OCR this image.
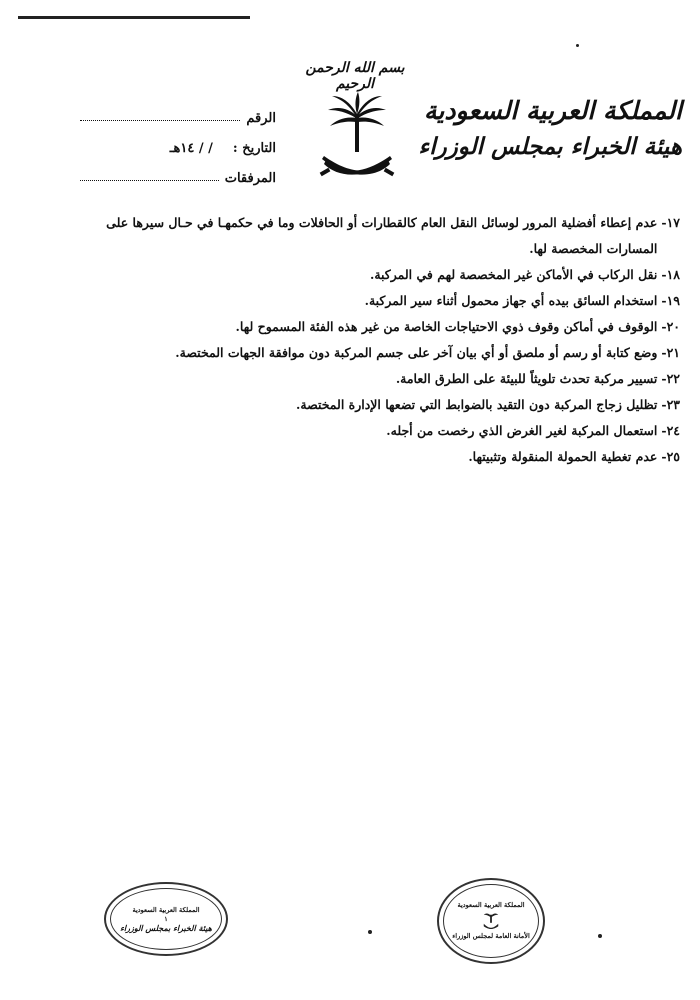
بسم الله الرحمن الرحيم
المملكة العربية السعودية
هيئة الخبراء بمجلس الوزراء
الرقم
التاريخ :
/ / ١٤هـ
المرفقات
١٧-
عدم إعطاء أفضلية المرور لوسائل النقل العام كالقطارات أو الحافلات وما في حكمهـا في حـال سيرها على المسارات المخصصة لها.
١٨-
نقل الركاب في الأماكن غير المخصصة لهم في المركبة.
١٩-
استخدام السائق بيده أي جهاز محمول أثناء سير المركبة.
٢٠-
الوقوف في أماكن وقوف ذوي الاحتياجات الخاصة من غير هذه الفئة المسموح لها.
٢١-
وضع كتابة أو رسم أو ملصق أو أي بيان آخر على جسم المركبة دون موافقة الجهات المختصة.
٢٢-
تسيير مركبة تحدث تلويثاً للبيئة على الطرق العامة.
٢٣-
تظليل زجاج المركبة دون التقيد بالضوابط التي تضعها الإدارة المختصة.
٢٤-
استعمال المركبة لغير الغرض الذي رخصت من أجله.
٢٥-
عدم تغطية الحمولة المنقولة وتثبيتها.
المملكة العربية السعودية
١
هيئة الخبراء بمجلس الوزراء
المملكة العربية السعودية
الأمانة العامة لمجلس الوزراء
